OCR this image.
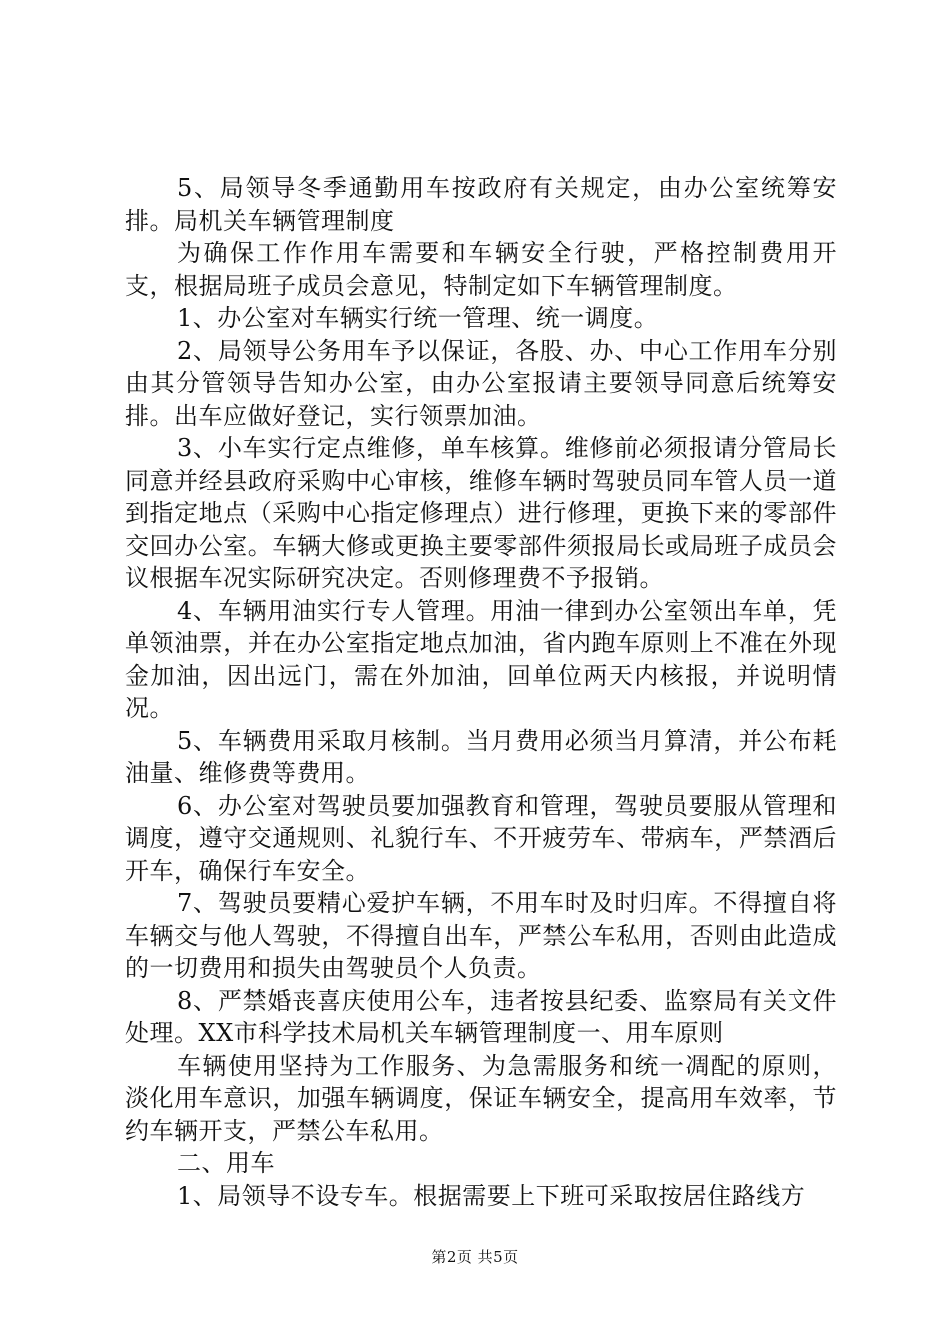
5、局领导冬季通勤用车按政府有关规定，由办公室统筹安排。局机关车辆管理制度

为确保工作作用车需要和车辆安全行驶，严格控制费用开支，根据局班子成员会意见，特制定如下车辆管理制度。

1、办公室对车辆实行统一管理、统一调度。

2、局领导公务用车予以保证，各股、办、中心工作用车分别由其分管领导告知办公室，由办公室报请主要领导同意后统筹安排。出车应做好登记，实行领票加油。

3、小车实行定点维修，单车核算。维修前必须报请分管局长同意并经县政府采购中心审核，维修车辆时驾驶员同车管人员一道到指定地点（采购中心指定修理点）进行修理，更换下来的零部件交回办公室。车辆大修或更换主要零部件须报局长或局班子成员会议根据车况实际研究决定。否则修理费不予报销。

4、车辆用油实行专人管理。用油一律到办公室领出车单，凭单领油票，并在办公室指定地点加油，省内跑车原则上不准在外现金加油，因出远门，需在外加油，回单位两天内核报，并说明情况。

5、车辆费用采取月核制。当月费用必须当月算清，并公布耗油量、维修费等费用。

6、办公室对驾驶员要加强教育和管理，驾驶员要服从管理和调度，遵守交通规则、礼貌行车、不开疲劳车、带病车，严禁酒后开车，确保行车安全。

7、驾驶员要精心爱护车辆，不用车时及时归库。不得擅自将车辆交与他人驾驶，不得擅自出车，严禁公车私用，否则由此造成的一切费用和损失由驾驶员个人负责。

8、严禁婚丧喜庆使用公车，违者按县纪委、监察局有关文件处理。XX市科学技术局机关车辆管理制度一、用车原则

车辆使用坚持为工作服务、为急需服务和统一凋配的原则，淡化用车意识，加强车辆调度，保证车辆安全，提高用车效率，节约车辆开支，严禁公车私用。

二、用车

1、局领导不设专车。根据需要上下班可采取按居住路线方

第2页 共5页
